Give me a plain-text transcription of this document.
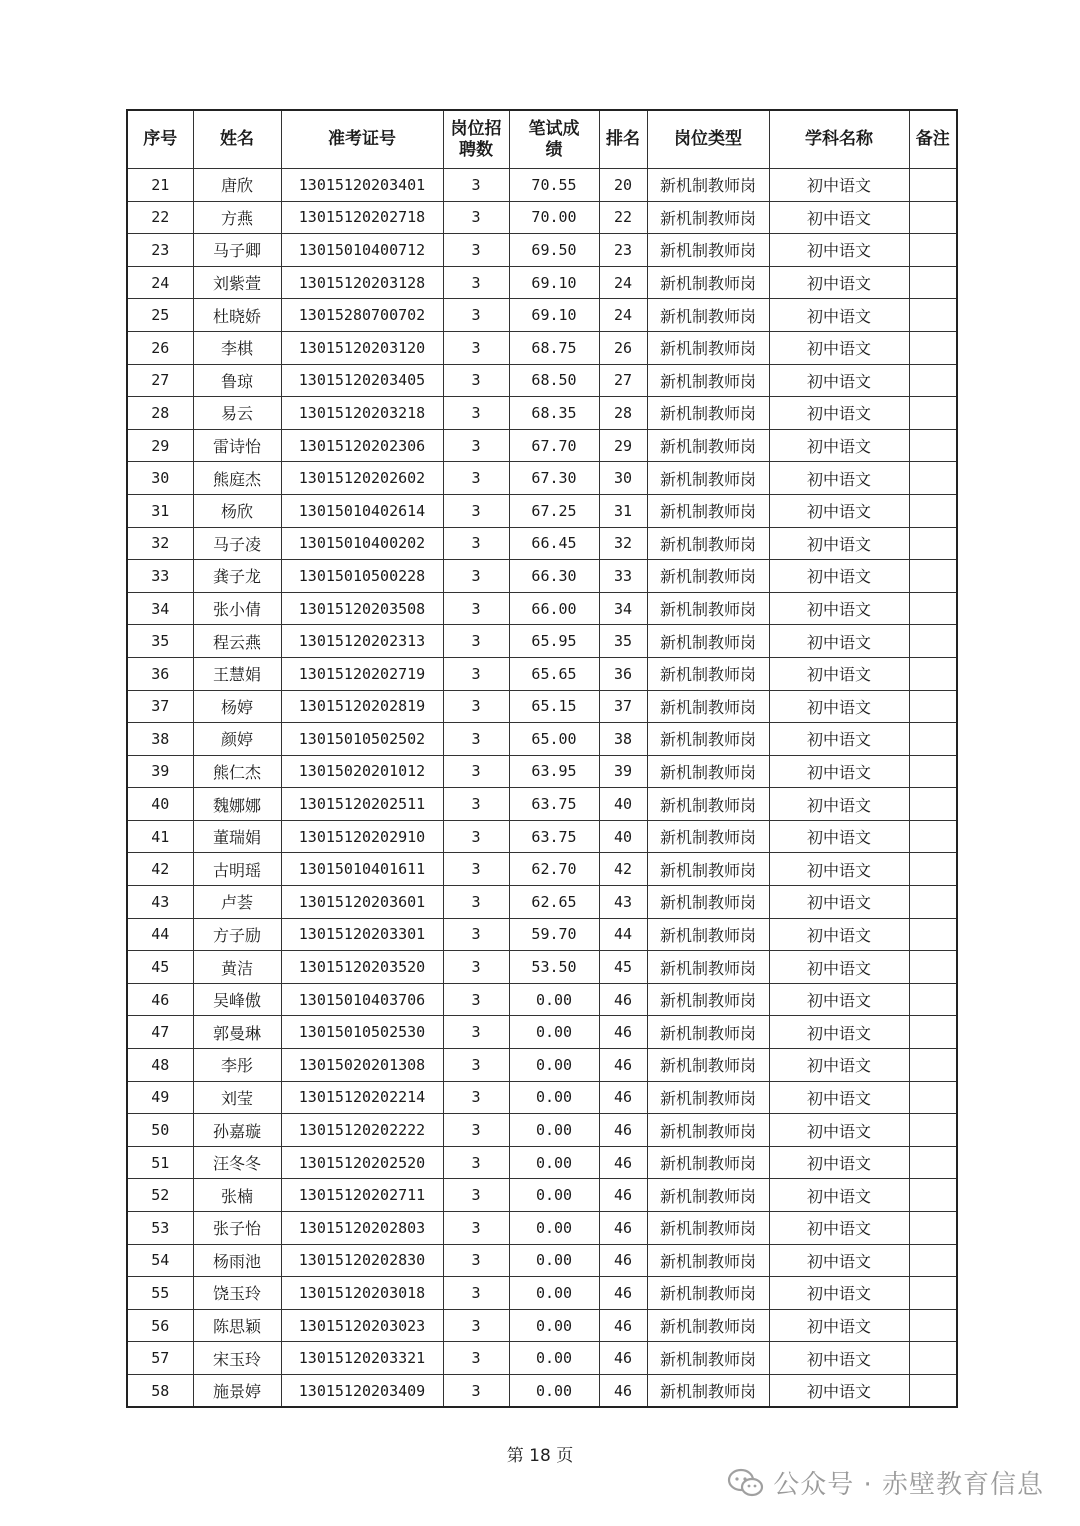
序号	姓名	准考证号	岗位招聘数	笔试成绩	排名	岗位类型	学科名称	备注
21	唐欣	13015120203401	3	70.55	20	新机制教师岗	初中语文	
22	方燕	13015120202718	3	70.00	22	新机制教师岗	初中语文	
23	马子卿	13015010400712	3	69.50	23	新机制教师岗	初中语文	
24	刘紫萱	13015120203128	3	69.10	24	新机制教师岗	初中语文	
25	杜晓娇	13015280700702	3	69.10	24	新机制教师岗	初中语文	
26	李棋	13015120203120	3	68.75	26	新机制教师岗	初中语文	
27	鲁琼	13015120203405	3	68.50	27	新机制教师岗	初中语文	
28	易云	13015120203218	3	68.35	28	新机制教师岗	初中语文	
29	雷诗怡	13015120202306	3	67.70	29	新机制教师岗	初中语文	
30	熊庭杰	13015120202602	3	67.30	30	新机制教师岗	初中语文	
31	杨欣	13015010402614	3	67.25	31	新机制教师岗	初中语文	
32	马子凌	13015010400202	3	66.45	32	新机制教师岗	初中语文	
33	龚子龙	13015010500228	3	66.30	33	新机制教师岗	初中语文	
34	张小倩	13015120203508	3	66.00	34	新机制教师岗	初中语文	
35	程云燕	13015120202313	3	65.95	35	新机制教师岗	初中语文	
36	王慧娟	13015120202719	3	65.65	36	新机制教师岗	初中语文	
37	杨婷	13015120202819	3	65.15	37	新机制教师岗	初中语文	
38	颜婷	13015010502502	3	65.00	38	新机制教师岗	初中语文	
39	熊仁杰	13015020201012	3	63.95	39	新机制教师岗	初中语文	
40	魏娜娜	13015120202511	3	63.75	40	新机制教师岗	初中语文	
41	董瑞娟	13015120202910	3	63.75	40	新机制教师岗	初中语文	
42	古明瑶	13015010401611	3	62.70	42	新机制教师岗	初中语文	
43	卢荟	13015120203601	3	62.65	43	新机制教师岗	初中语文	
44	方子励	13015120203301	3	59.70	44	新机制教师岗	初中语文	
45	黄洁	13015120203520	3	53.50	45	新机制教师岗	初中语文	
46	吴峰傲	13015010403706	3	0.00	46	新机制教师岗	初中语文	
47	郭曼琳	13015010502530	3	0.00	46	新机制教师岗	初中语文	
48	李彤	13015020201308	3	0.00	46	新机制教师岗	初中语文	
49	刘莹	13015120202214	3	0.00	46	新机制教师岗	初中语文	
50	孙嘉璇	13015120202222	3	0.00	46	新机制教师岗	初中语文	
51	汪冬冬	13015120202520	3	0.00	46	新机制教师岗	初中语文	
52	张楠	13015120202711	3	0.00	46	新机制教师岗	初中语文	
53	张子怡	13015120202803	3	0.00	46	新机制教师岗	初中语文	
54	杨雨池	13015120202830	3	0.00	46	新机制教师岗	初中语文	
55	饶玉玲	13015120203018	3	0.00	46	新机制教师岗	初中语文	
56	陈思颖	13015120203023	3	0.00	46	新机制教师岗	初中语文	
57	宋玉玲	13015120203321	3	0.00	46	新机制教师岗	初中语文	
58	施景婷	13015120203409	3	0.00	46	新机制教师岗	初中语文	
第 18 页
公众号 · 赤壁教育信息
